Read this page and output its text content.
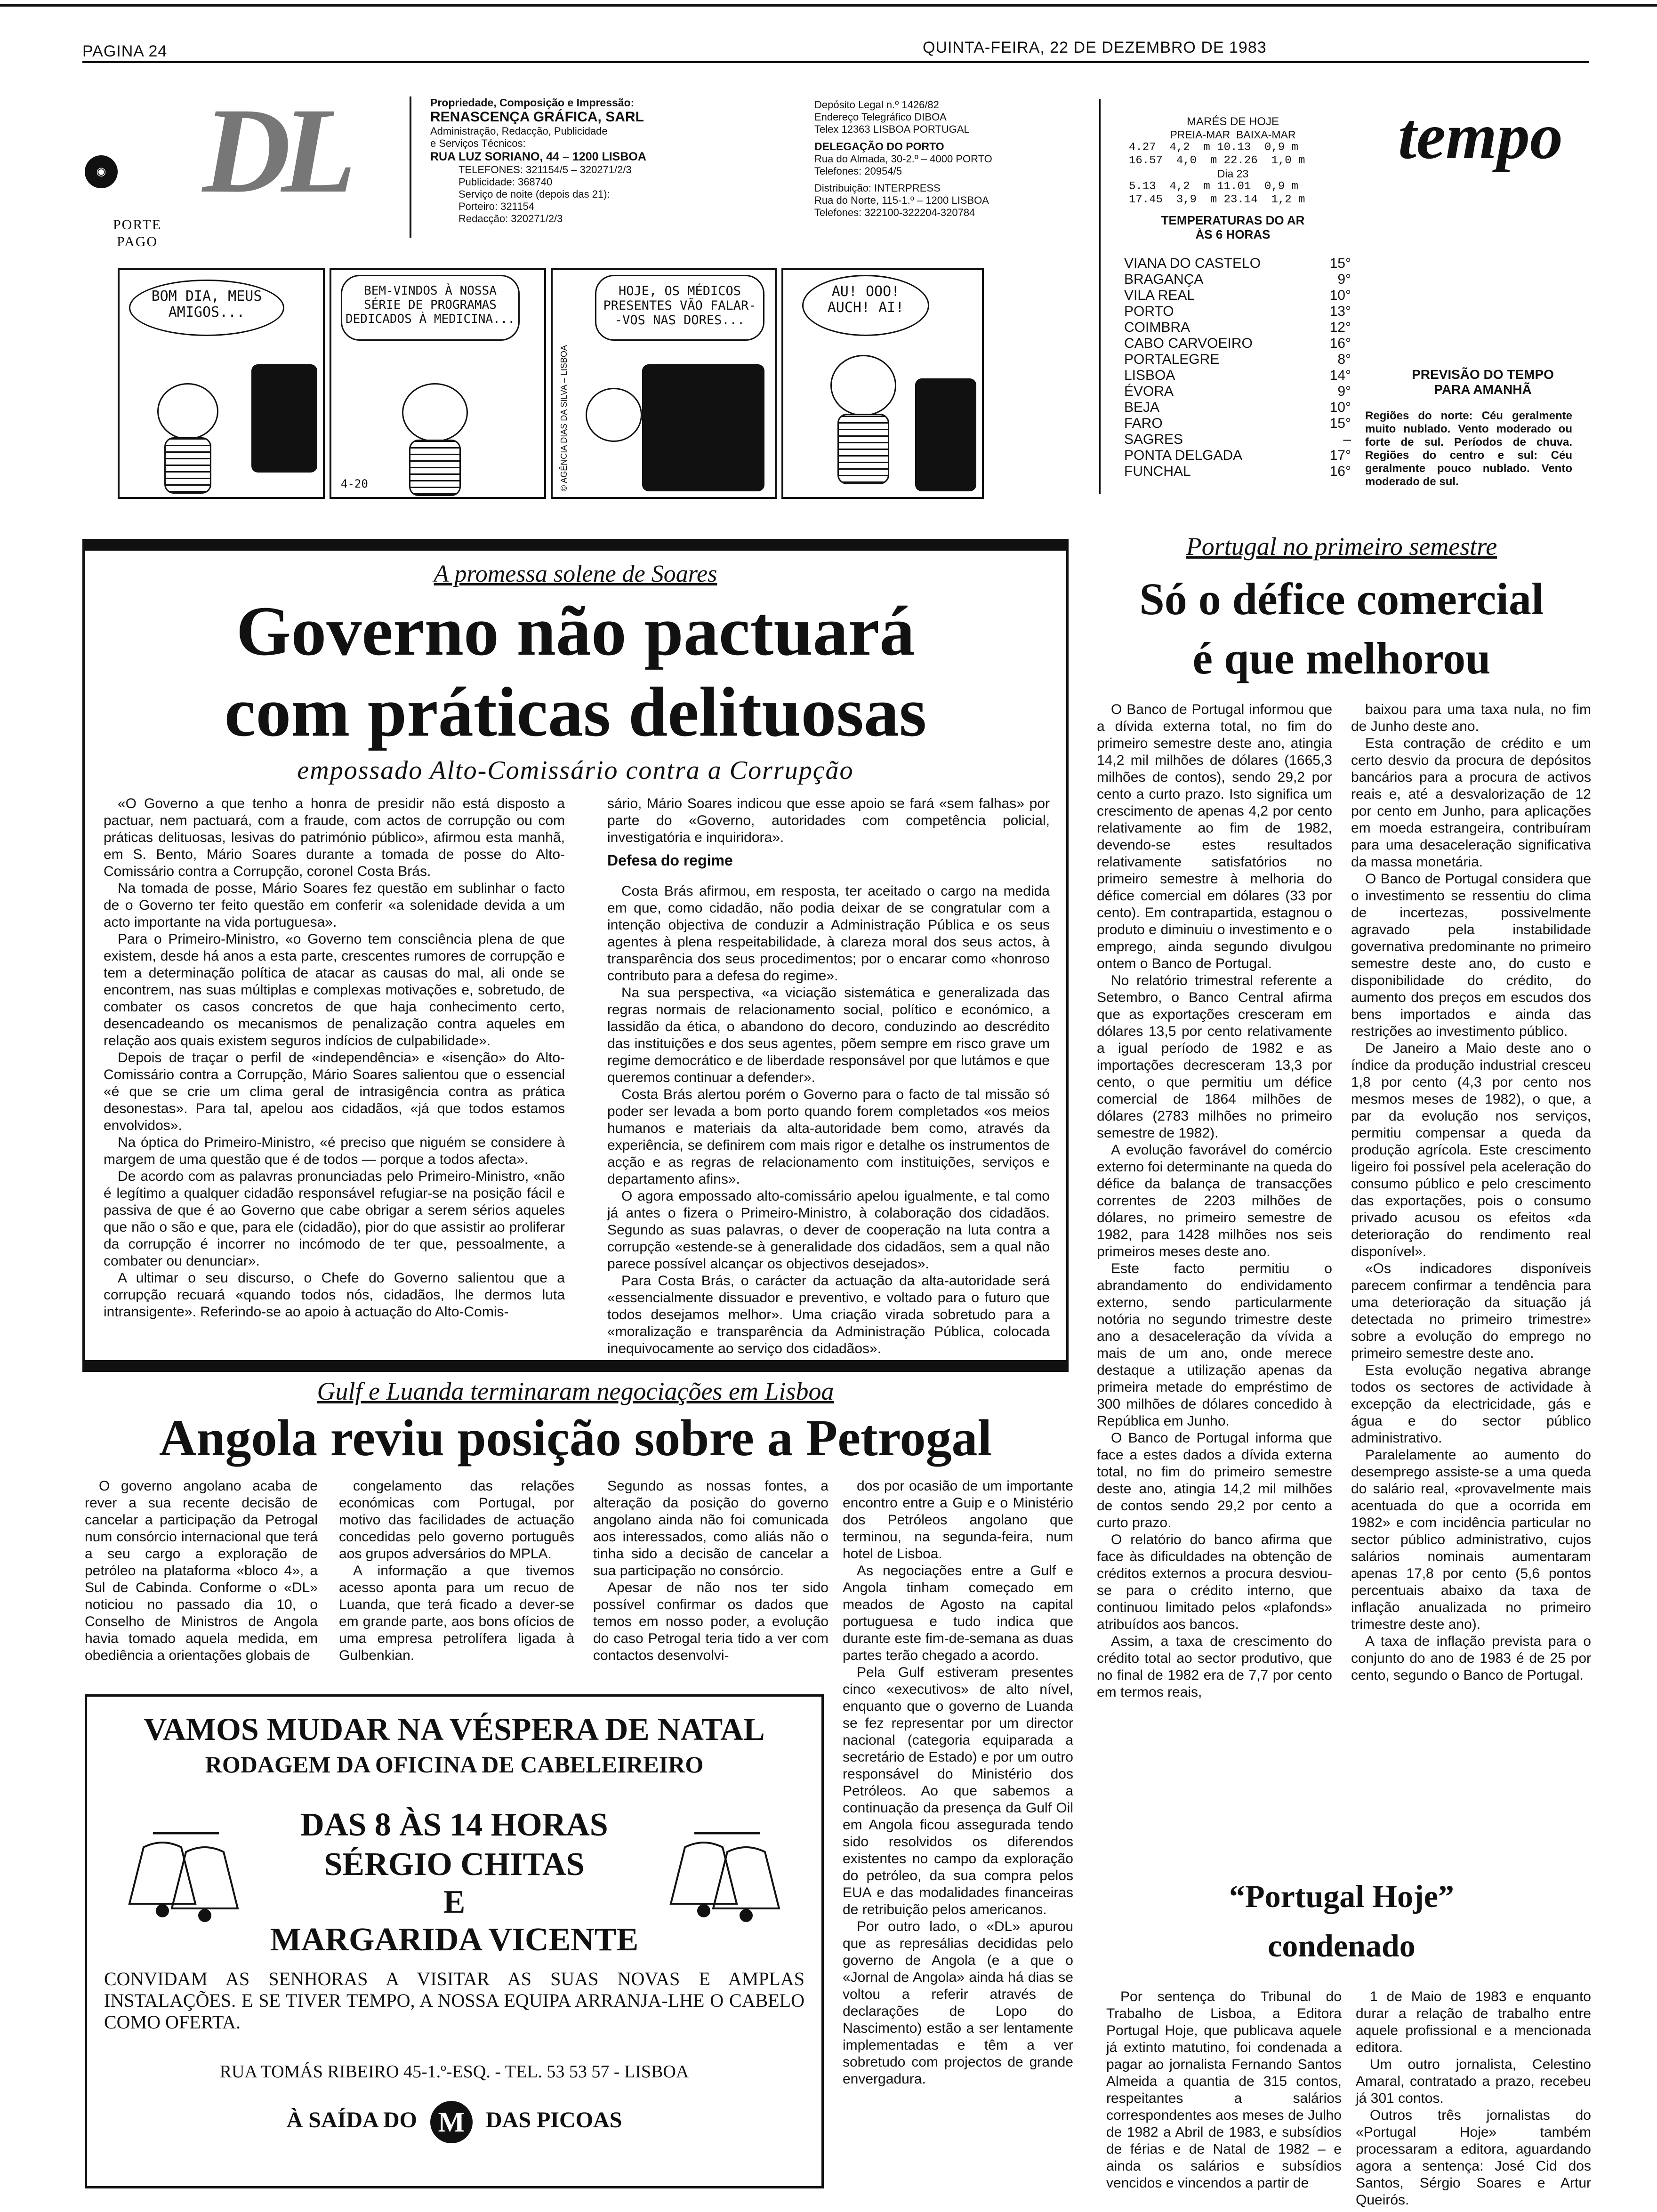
PAGINA 24	QUINTA-FEIRA, 22 DE DEZEMBRO DE 1983
◉
PORTE
PAGO
DL	Propriedade, Composição e Impressão:
RENASCENÇA GRÁFICA, SARL
Administração, Redacção, Publicidade
e Serviços Técnicos:
RUA LUZ SORIANO, 44 – 1200 LISBOA
TELEFONES: 321154/5 – 320271/2/3
Publicidade: 368740
Serviço de noite (depois das 21):
Porteiro: 321154
Redacção: 320271/2/3
Depósito Legal n.º 1426/82
Endereço Telegráfico DIBOA
Telex 12363 LISBOA PORTUGAL
DELEGAÇÃO DO PORTO
Rua do Almada, 30-2.º – 4000 PORTO
Telefones: 20954/5
Distribuição: INTERPRESS
Rua do Norte, 115-1.º – 1200 LISBOA
Telefones: 322100-322204-320784
BOM DIA, MEUS
AMIGOS...
BEM-VINDOS À NOSSA
SÉRIE DE PROGRAMAS
DEDICADOS À MEDICINA...
4-20
HOJE, OS MÉDICOS
PRESENTES VÃO FALAR-
-VOS NAS DORES...
© AGÊNCIA DIAS DA SILVA – LISBOA
AU! OOO!
AUCH! AI!
MARÉS DE HOJE
PREIA-MAR  BAIXA-MAR
4.27  4,2  m 10.13  0,9 m
16.57  4,0  m 22.26  1,0 m
Dia 23
5.13  4,2  m 11.01  0,9 m
17.45  3,9  m 23.14  1,2 m
TEMPERATURAS DO AR
ÀS 6 HORAS
VIANA DO CASTELO	15°
BRAGANÇA	9°
VILA REAL	10°
PORTO	13°
COIMBRA	12°
CABO CARVOEIRO	16°
PORTALEGRE	8°
LISBOA	14°
ÉVORA	9°
BEJA	10°
FARO	15°
SAGRES	–
PONTA DELGADA	17°
FUNCHAL	16°
tempo
PREVISÃO DO TEMPO
PARA AMANHÃ
Regiões do norte: Céu geralmente muito nublado. Vento moderado ou forte de sul. Períodos de chuva. Regiões do centro e sul: Céu geralmente pouco nublado. Vento moderado de sul.
A promessa solene de Soares
Governo não pactuará
com práticas delituosas
empossado Alto-Comissário contra a Corrupção

«O Governo a que tenho a honra de presidir não está disposto a pactuar, nem pactuará, com a fraude, com actos de corrupção ou com práticas delituosas, lesivas do património público», afirmou esta manhã, em S. Bento, Mário Soares durante a tomada de posse do Alto-Comissário contra a Corrupção, coronel Costa Brás.

Na tomada de posse, Mário Soares fez questão em sublinhar o facto de o Governo ter feito questão em conferir «a solenidade devida a um acto importante na vida portuguesa».

Para o Primeiro-Ministro, «o Governo tem consciência plena de que existem, desde há anos a esta parte, crescentes rumores de corrupção e tem a determinação política de atacar as causas do mal, ali onde se encontrem, nas suas múltiplas e complexas motivações e, sobretudo, de combater os casos concretos de que haja conhecimento certo, desencadeando os mecanismos de penalização contra aqueles em relação aos quais existem seguros indícios de culpabilidade».

Depois de traçar o perfil de «independência» e «isenção» do Alto-Comissário contra a Corrupção, Mário Soares salientou que o essencial «é que se crie um clima geral de intrasigência contra as prática desonestas». Para tal, apelou aos cidadãos, «já que todos estamos envolvidos».

Na óptica do Primeiro-Ministro, «é preciso que niguém se considere à margem de uma questão que é de todos — porque a todos afecta».

De acordo com as palavras pronunciadas pelo Primeiro-Ministro, «não é legítimo a qualquer cidadão responsável refugiar-se na posição fácil e passiva de que é ao Governo que cabe obrigar a serem sérios aqueles que não o são e que, para ele (cidadão), pior do que assistir ao proliferar da corrupção é incorrer no incómodo de ter que, pessoalmente, a combater ou denunciar».

A ultimar o seu discurso, o Chefe do Governo salientou que a corrupção recuará «quando todos nós, cidadãos, lhe dermos luta intransigente». Referindo-se ao apoio à actuação do Alto-Comis-

sário, Mário Soares indicou que esse apoio se fará «sem falhas» por parte do «Governo, autoridades com competência policial, investigatória e inquiridora».
Defesa do regime

Costa Brás afirmou, em resposta, ter aceitado o cargo na medida em que, como cidadão, não podia deixar de se congratular com a intenção objectiva de conduzir a Administração Pública e os seus agentes à plena respeitabilidade, à clareza moral dos seus actos, à transparência dos seus procedimentos; por o encarar como «honroso contributo para a defesa do regime».

Na sua perspectiva, «a viciação sistemática e generalizada das regras normais de relacionamento social, político e económico, a lassidão da ética, o abandono do decoro, conduzindo ao descrédito das instituições e dos seus agentes, põem sempre em risco grave um regime democrático e de liberdade responsável por que lutámos e que queremos continuar a defender».

Costa Brás alertou porém o Governo para o facto de tal missão só poder ser levada a bom porto quando forem completados «os meios humanos e materiais da alta-autoridade bem como, através da experiência, se definirem com mais rigor e detalhe os instrumentos de acção e as regras de relacionamento com instituições, serviços e departamento afins».

O agora empossado alto-comissário apelou igualmente, e tal como já antes o fizera o Primeiro-Ministro, à colaboração dos cidadãos. Segundo as suas palavras, o dever de cooperação na luta contra a corrupção «estende-se à generalidade dos cidadãos, sem a qual não parece possível alcançar os objectivos desejados».

Para Costa Brás, o carácter da actuação da alta-autoridade será «essencialmente dissuador e preventivo, e voltado para o futuro que todos desejamos melhor». Uma criação virada sobretudo para a «moralização e transparência da Administração Pública, colocada inequivocamente ao serviço dos cidadãos».

Portugal no primeiro semestre
Só o défice comercial
é que melhorou

O Banco de Portugal informou que a dívida externa total, no fim do primeiro semestre deste ano, atingia 14,2 mil milhões de dólares (1665,3 milhões de contos), sendo 29,2 por cento a curto prazo. Isto significa um crescimento de apenas 4,2 por cento relativamente ao fim de 1982, devendo-se estes resultados relativamente satisfatórios no primeiro semestre à melhoria do défice comercial em dólares (33 por cento). Em contrapartida, estagnou o produto e diminuiu o investimento e o emprego, ainda segundo divulgou ontem o Banco de Portugal.

No relatório trimestral referente a Setembro, o Banco Central afirma que as exportações cresceram em dólares 13,5 por cento relativamente a igual período de 1982 e as importações decresceram 13,3 por cento, o que permitiu um défice comercial de 1864 milhões de dólares (2783 milhões no primeiro semestre de 1982).

A evolução favorável do comércio externo foi determinante na queda do défice da balança de transacções correntes de 2203 milhões de dólares, no primeiro semestre de 1982, para 1428 milhões nos seis primeiros meses deste ano.

Este facto permitiu o abrandamento do endividamento externo, sendo particularmente notória no segundo trimestre deste ano a desaceleração da vívida a mais de um ano, onde merece destaque a utilização apenas da primeira metade do empréstimo de 300 milhões de dólares concedido à República em Junho.

O Banco de Portugal informa que face a estes dados a dívida externa total, no fim do primeiro semestre deste ano, atingia 14,2 mil milhões de contos sendo 29,2 por cento a curto prazo.

O relatório do banco afirma que face às dificuldades na obtenção de créditos externos a procura desviou-se para o crédito interno, que continuou limitado pelos «plafonds» atribuídos aos bancos.

Assim, a taxa de crescimento do crédito total ao sector produtivo, que no final de 1982 era de 7,7 por cento em termos reais,

baixou para uma taxa nula, no fim de Junho deste ano.

Esta contração de crédito e um certo desvio da procura de depósitos bancários para a procura de activos reais e, até a desvalorização de 12 por cento em Junho, para aplicações em moeda estrangeira, contribuíram para uma desaceleração significativa da massa monetária.

O Banco de Portugal considera que o investimento se ressentiu do clima de incertezas, possivelmente agravado pela instabilidade governativa predominante no primeiro semestre deste ano, do custo e disponibilidade do crédito, do aumento dos preços em escudos dos bens importados e ainda das restrições ao investimento público.

De Janeiro a Maio deste ano o índice da produção industrial cresceu 1,8 por cento (4,3 por cento nos mesmos meses de 1982), o que, a par da evolução nos serviços, permitiu compensar a queda da produção agrícola. Este crescimento ligeiro foi possível pela aceleração do consumo público e pelo crescimento das exportações, pois o consumo privado acusou os efeitos «da deterioração do rendimento real disponível».

«Os indicadores disponíveis parecem confirmar a tendência para uma deterioração da situação já detectada no primeiro trimestre» sobre a evolução do emprego no primeiro semestre deste ano.

Esta evolução negativa abrange todos os sectores de actividade à excepção da electricidade, gás e água e do sector público administrativo.

Paralelamente ao aumento do desemprego assiste-se a uma queda do salário real, «provavelmente mais acentuada do que a ocorrida em 1982» e com incidência particular no sector público administrativo, cujos salários nominais aumentaram apenas 17,8 por cento (5,6 pontos percentuais abaixo da taxa de inflação anualizada no primeiro trimestre deste ano).

A taxa de inflação prevista para o conjunto do ano de 1983 é de 25 por cento, segundo o Banco de Portugal.

Gulf e Luanda terminaram negociações em Lisboa
Angola reviu posição sobre a Petrogal
O governo angolano acaba de rever a sua recente decisão de cancelar a participação da Petrogal num consórcio internacional que terá a seu cargo a exploração de petróleo na plataforma «bloco 4», a Sul de Cabinda. Conforme o «DL» noticiou no passado dia 10, o Conselho de Ministros de Angola havia tomado aquela medida, em obediência a orientações globais de

congelamento das relações económicas com Portugal, por motivo das facilidades de actuação concedidas pelo governo português aos grupos adversários do MPLA.

A informação a que tivemos acesso aponta para um recuo de Luanda, que terá ficado a dever-se em grande parte, aos bons ofícios de uma empresa petrolífera ligada à Gulbenkian.

Segundo as nossas fontes, a alteração da posição do governo angolano ainda não foi comunicada aos interessados, como aliás não o tinha sido a decisão de cancelar a sua participação no consórcio.

Apesar de não nos ter sido possível confirmar os dados que temos em nosso poder, a evolução do caso Petrogal teria tido a ver com contactos desenvolvi-

dos por ocasião de um importante encontro entre a Guip e o Ministério dos Petróleos angolano que terminou, na segunda-feira, num hotel de Lisboa.

As negociações entre a Gulf e Angola tinham começado em meados de Agosto na capital portuguesa e tudo indica que durante este fim-de-semana as duas partes terão chegado a acordo.

Pela Gulf estiveram presentes cinco «executivos» de alto nível, enquanto que o governo de Luanda se fez representar por um director nacional (categoria equiparada a secretário de Estado) e por um outro responsável do Ministério dos Petróleos. Ao que sabemos a continuação da presença da Gulf Oil em Angola ficou assegurada tendo sido resolvidos os diferendos existentes no campo da exploração do petróleo, da sua compra pelos EUA e das modalidades financeiras de retribuição pelos americanos.

Por outro lado, o «DL» apurou que as represálias decididas pelo governo de Angola (e a que o «Jornal de Angola» ainda há dias se voltou a referir através de declarações de Lopo do Nascimento) estão a ser lentamente implementadas e têm a ver sobretudo com projectos de grande envergadura.

VAMOS MUDAR NA VÉSPERA DE NATAL
RODAGEM DA OFICINA DE CABELEIREIRO
DAS 8 ÀS 14 HORAS
SÉRGIO CHITAS
E
MARGARIDA VICENTE
CONVIDAM AS SENHORAS A VISITAR AS SUAS NOVAS E AMPLAS INSTALAÇÕES. E SE TIVER TEMPO, A NOSSA EQUIPA ARRANJA-LHE O CABELO COMO OFERTA.
RUA TOMÁS RIBEIRO 45-1.º-ESQ. - TEL. 53 53 57 - LISBOA
À SAÍDA DO M DAS PICOAS
“Portugal Hoje”
condenado
Por sentença do Tribunal do Trabalho de Lisboa, a Editora Portugal Hoje, que publicava aquele já extinto matutino, foi condenada a pagar ao jornalista Fernando Santos Almeida a quantia de 315 contos, respeitantes a salários correspondentes aos meses de Julho de 1982 a Abril de 1983, e subsídios de férias e de Natal de 1982 – e ainda os salários e subsídios vencidos e vincendos a partir de

1 de Maio de 1983 e enquanto durar a relação de trabalho entre aquele profissional e a mencionada editora.

Um outro jornalista, Celestino Amaral, contratado a prazo, recebeu já 301 contos.

Outros três jornalistas do «Portugal Hoje» também processaram a editora, aguardando agora a sentença: José Cid dos Santos, Sérgio Soares e Artur Queirós.
